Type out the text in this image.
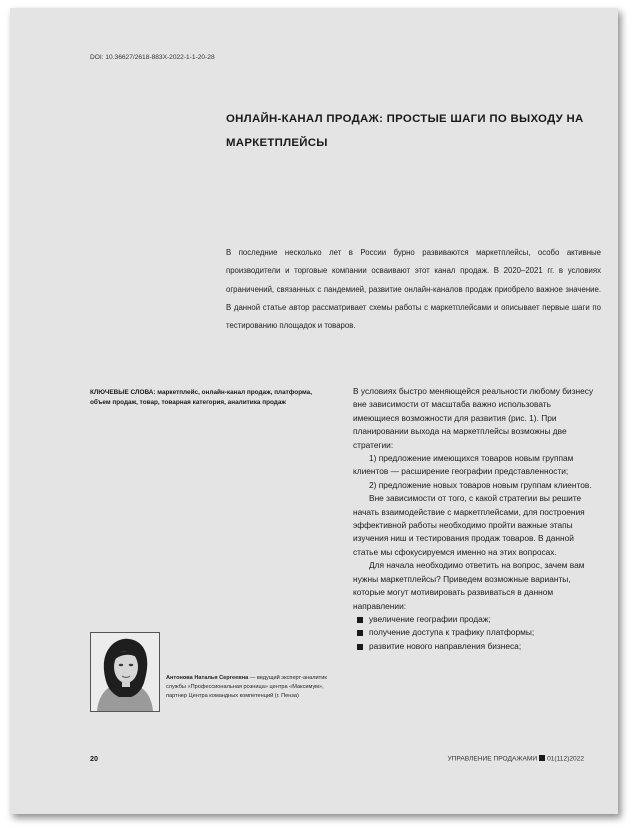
DOI: 10.36627/2618-883X-2022-1-1-20-28
ОНЛАЙН-КАНАЛ ПРОДАЖ: ПРОСТЫЕ ШАГИ ПО ВЫХОДУ НА МАРКЕТПЛЕЙСЫ

В последние несколько лет в России бурно развиваются маркетплейсы, особо активные производители и торговые компании осваивают этот канал продаж. В 2020–2021 гг. в условиях ограничений, связанных с пандемией, развитие онлайн-каналов продаж приобрело важное значение. В данной статье автор рассматривает схемы работы с маркетплейсами и описывает первые шаги по тестированию площадок и товаров.

КЛЮЧЕВЫЕ СЛОВА: маркетплейс, онлайн-канал продаж, платформа, объем продаж, товар, товарная категория, аналитика продаж

В условиях быстро меняющейся реальности любому бизнесу вне зависимости от масштаба важно использовать имеющиеся возможности для развития (рис. 1). При планировании выхода на маркетплейсы возможны две стратегии:

1) предложение имеющихся товаров новым группам клиентов — расширение географии представленности;

2) предложение новых товаров новым группам клиентов.

Вне зависимости от того, с какой стратегии вы решите начать взаимодействие с маркетплейсами, для построения эффективной работы необходимо пройти важные этапы изучения ниш и тестирования продаж товаров. В данной статье мы сфокусируемся именно на этих вопросах.

Для начала необходимо ответить на вопрос, зачем вам нужны маркетплейсы? Приведем возможные варианты, которые могут мотивировать развиваться в данном направлении:

увеличение географии продаж;
получение доступа к трафику платформы;
развитие нового направления бизнеса;
Антонова Наталья Сергеевна — ведущий эксперт-аналитик службы «Профессиональная розница» центра «Максимум», партнер Центра командных компетенций (г. Пенза)
20	УПРАВЛЕНИЕ ПРОДАЖАМИ 01(112)2022
